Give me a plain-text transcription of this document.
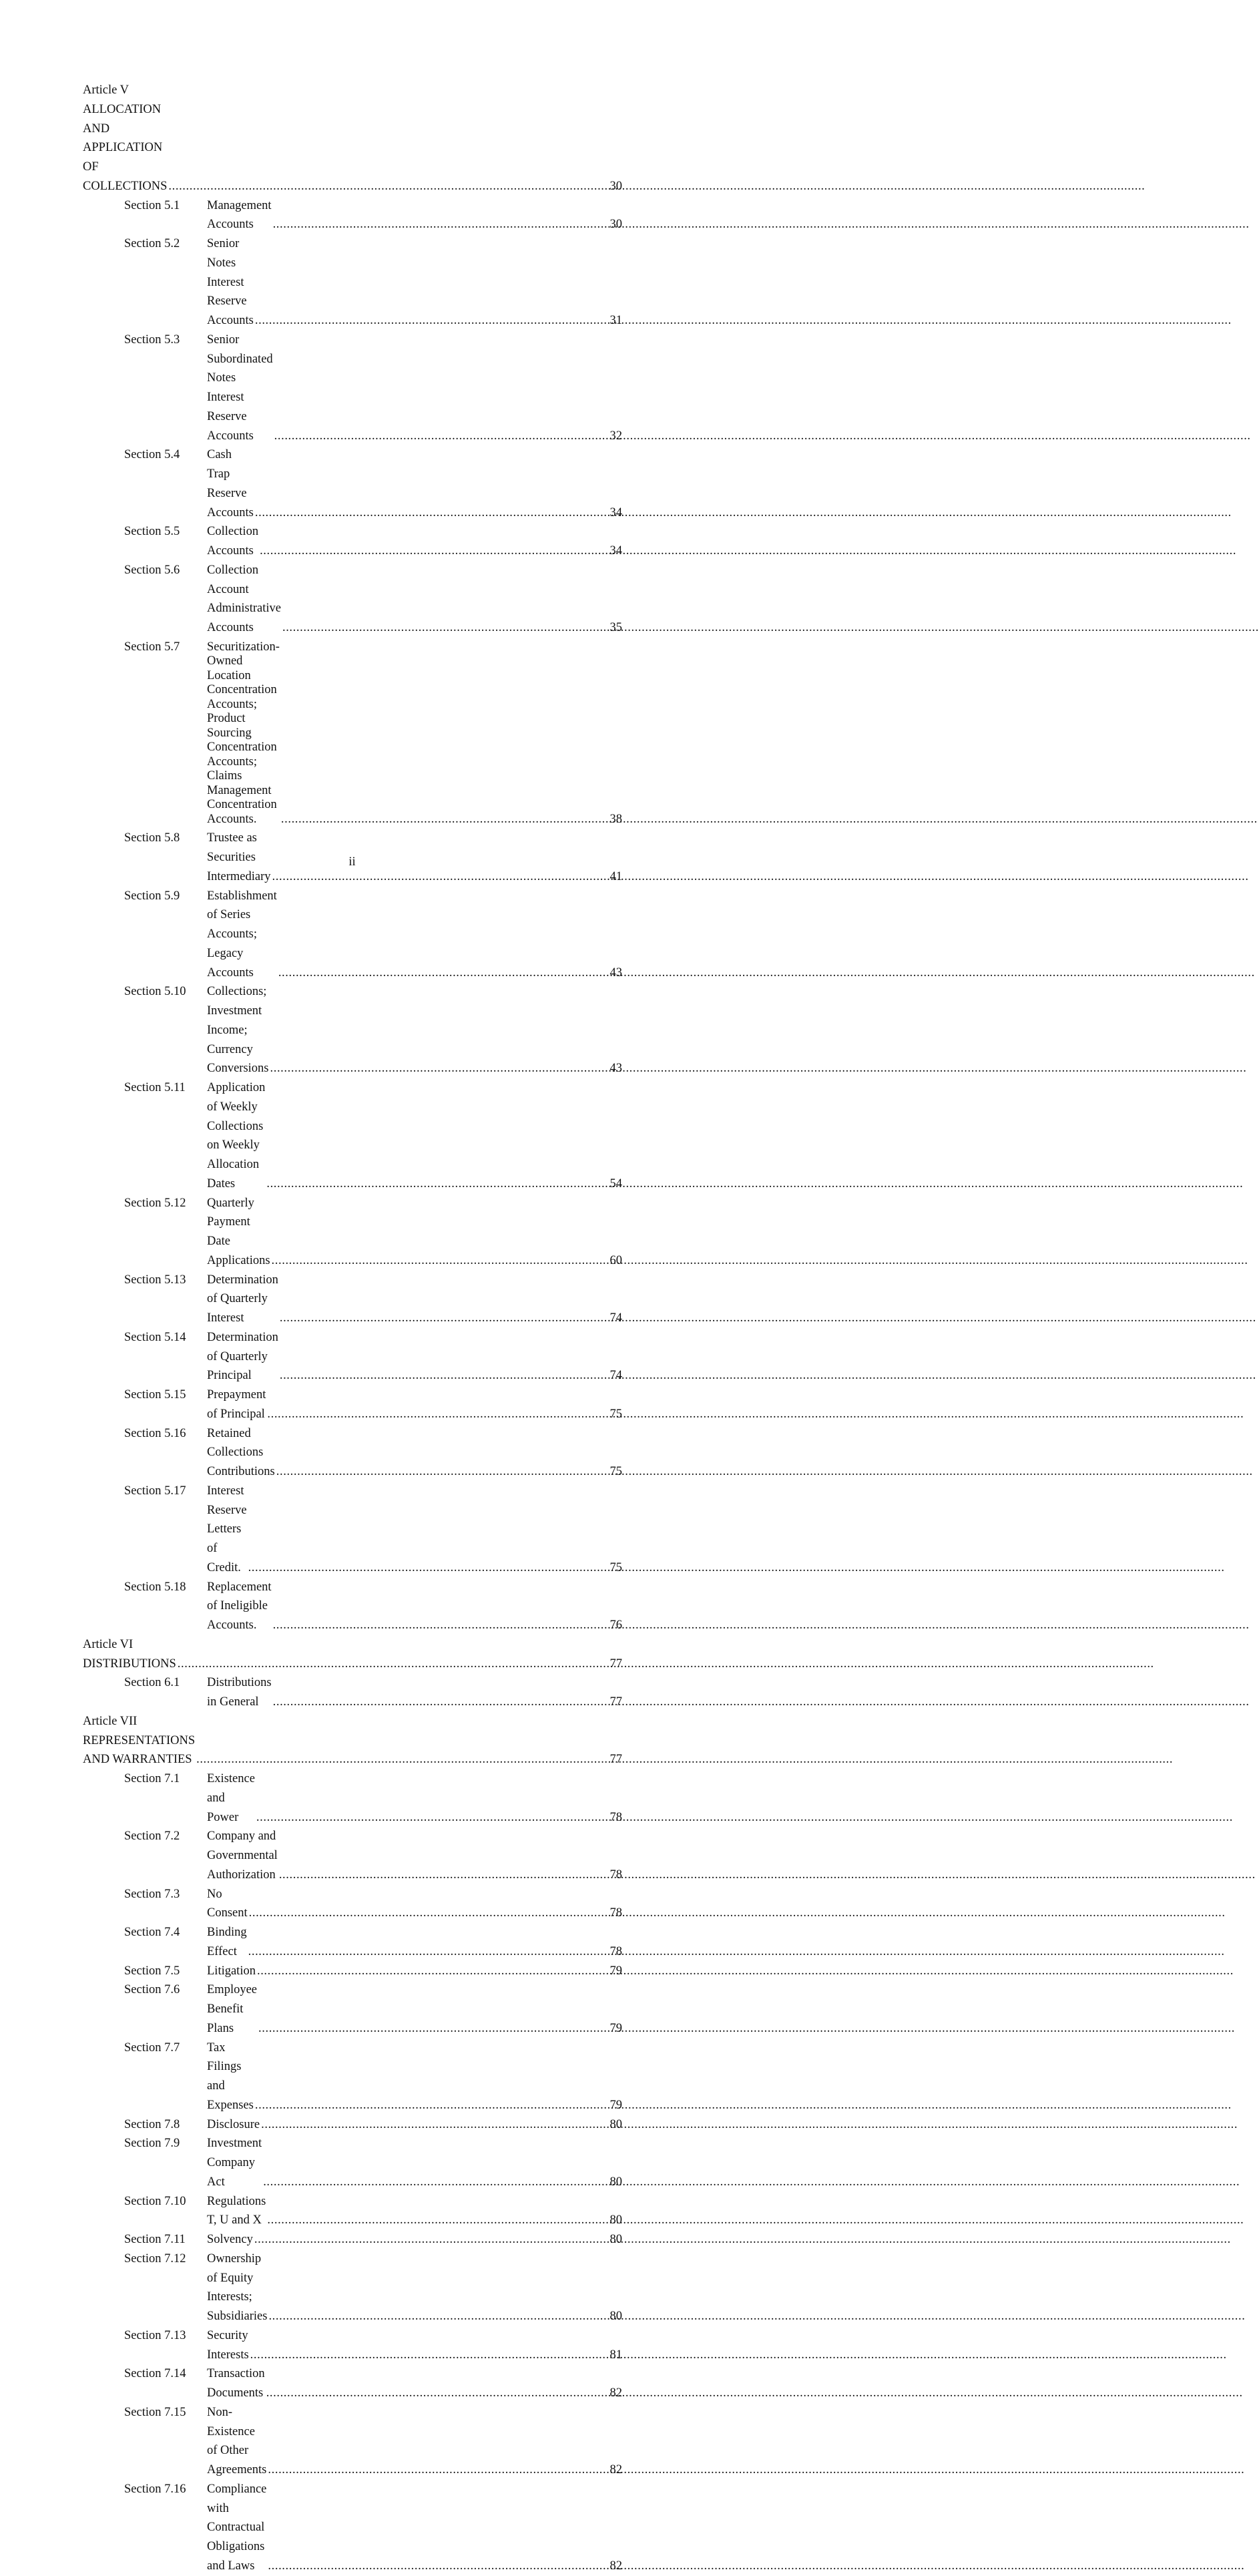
Article V ALLOCATION AND APPLICATION OF COLLECTIONS .....	30
Section 5.1	Management Accounts .....	30
Section 5.2	Senior Notes Interest Reserve Accounts .....	31
Section 5.3	Senior Subordinated Notes Interest Reserve Accounts .....	32
Section 5.4	Cash Trap Reserve Accounts .....	34
Section 5.5	Collection Accounts .....	34
Section 5.6	Collection Account Administrative Accounts .....	35
Section 5.7	Securitization-Owned Location Concentration Accounts; Product Sourcing Concentration Accounts; Claims Management Concentration Accounts. .....	38
Section 5.8	Trustee as Securities Intermediary .....	41
Section 5.9	Establishment of Series Accounts; Legacy Accounts .....	43
Section 5.10	Collections; Investment Income; Currency Conversions .....	43
Section 5.11	Application of Weekly Collections on Weekly Allocation Dates .....	54
Section 5.12	Quarterly Payment Date Applications .....	60
Section 5.13	Determination of Quarterly Interest .....	74
Section 5.14	Determination of Quarterly Principal .....	74
Section 5.15	Prepayment of Principal .....	75
Section 5.16	Retained Collections Contributions .....	75
Section 5.17	Interest Reserve Letters of Credit. .....	75
Section 5.18	Replacement of Ineligible Accounts. .....	76
Article VI DISTRIBUTIONS .....	77
Section 6.1	Distributions in General .....	77
Article VII REPRESENTATIONS AND WARRANTIES .....	77
Section 7.1	Existence and Power .....	78
Section 7.2	Company and Governmental Authorization .....	78
Section 7.3	No Consent .....	78
Section 7.4	Binding Effect .....	78
Section 7.5	Litigation .....	79
Section 7.6	Employee Benefit Plans .....	79
Section 7.7	Tax Filings and Expenses .....	79
Section 7.8	Disclosure .....	80
Section 7.9	Investment Company Act .....	80
Section 7.10	Regulations T, U and X .....	80
Section 7.11	Solvency .....	80
Section 7.12	Ownership of Equity Interests; Subsidiaries .....	80
Section 7.13	Security Interests .....	81
Section 7.14	Transaction Documents .....	82
Section 7.15	Non-Existence of Other Agreements .....	82
Section 7.16	Compliance with Contractual Obligations and Laws .....	82
ii
